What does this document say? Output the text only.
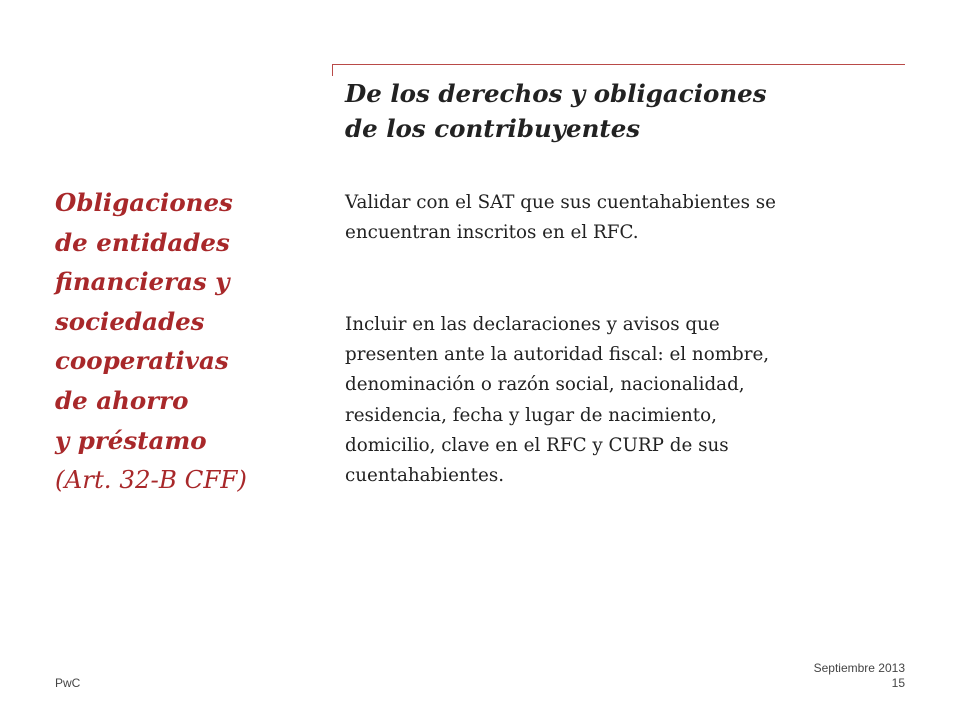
De los derechos y obligaciones
de los contribuyentes
Obligaciones
de entidades
financieras y
sociedades
cooperativas
de ahorro
y préstamo
(Art. 32-B CFF)
Validar con el SAT que sus cuentahabientes se
encuentran inscritos en el RFC.
Incluir en las declaraciones y avisos que
presenten ante la autoridad fiscal: el nombre,
denominación o razón social, nacionalidad,
residencia, fecha y lugar de nacimiento,
domicilio, clave en el RFC y CURP de sus
cuentahabientes.
PwC
Septiembre 2013
15
